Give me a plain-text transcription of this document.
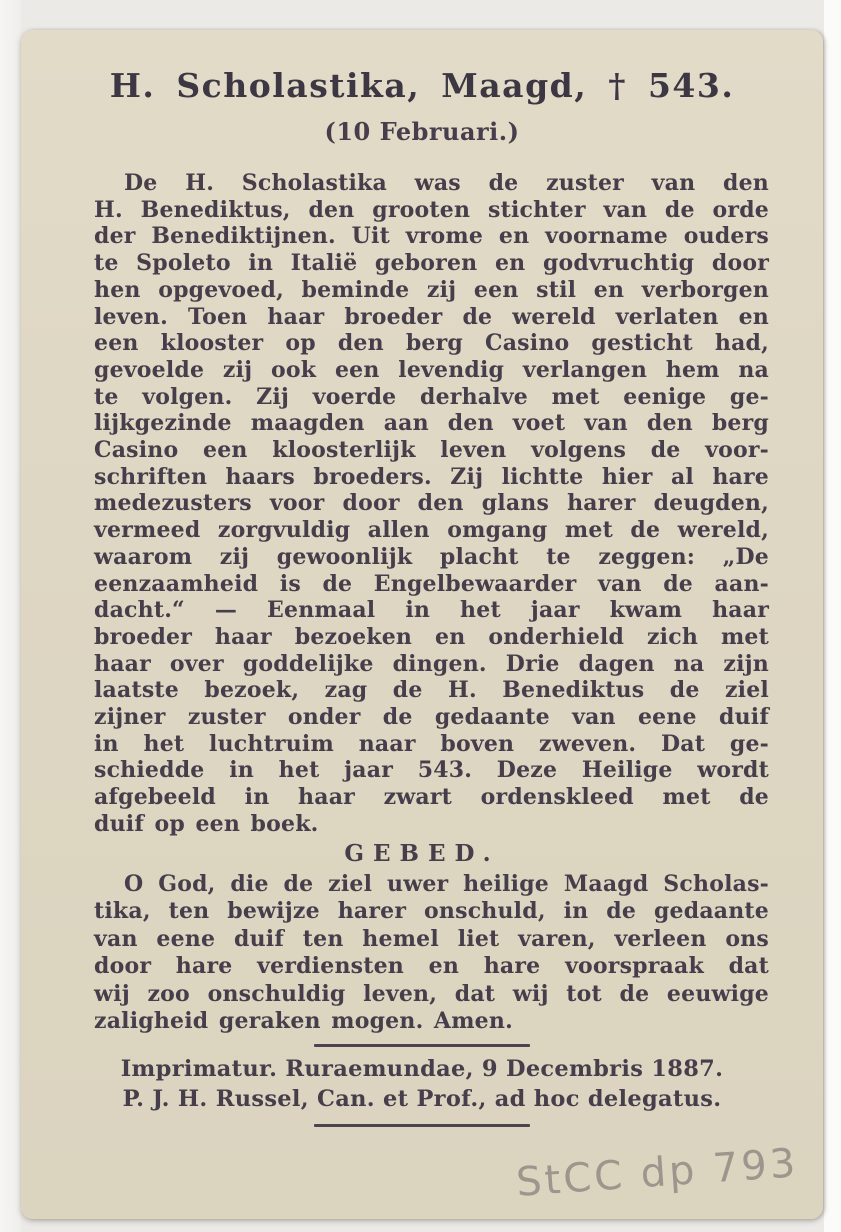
H. Scholastika, Maagd, † 543.
(10 Februari.)
De H. Scholastika was de zuster van den
H. Benediktus, den grooten stichter van de orde
der Benediktijnen. Uit vrome en voorname ouders
te Spoleto in Italië geboren en godvruchtig door
hen opgevoed, beminde zij een stil en verborgen
leven. Toen haar broeder de wereld verlaten en
een klooster op den berg Casino gesticht had,
gevoelde zij ook een levendig verlangen hem na
te volgen. Zij voerde derhalve met eenige ge-
lijkgezinde maagden aan den voet van den berg
Casino een kloosterlijk leven volgens de voor-
schriften haars broeders. Zij lichtte hier al hare
medezusters voor door den glans harer deugden,
vermeed zorgvuldig allen omgang met de wereld,
waarom zij gewoonlijk placht te zeggen: „De
eenzaamheid is de Engelbewaarder van de aan-
dacht.“ — Eenmaal in het jaar kwam haar
broeder haar bezoeken en onderhield zich met
haar over goddelijke dingen. Drie dagen na zijn
laatste bezoek, zag de H. Benediktus de ziel
zijner zuster onder de gedaante van eene duif
in het luchtruim naar boven zweven. Dat ge-
schiedde in het jaar 543. Deze Heilige wordt
afgebeeld in haar zwart ordenskleed met de
duif op een boek.
GEBED.
O God, die de ziel uwer heilige Maagd Scholas-
tika, ten bewijze harer onschuld, in de gedaante
van eene duif ten hemel liet varen, verleen ons
door hare verdiensten en hare voorspraak dat
wij zoo onschuldig leven, dat wij tot de eeuwige
zaligheid geraken mogen. Amen.
Imprimatur. Ruraemundae, 9 Decembris 1887.
P. J. H. Russel, Can. et Prof., ad hoc delegatus.
StCC dp 793
